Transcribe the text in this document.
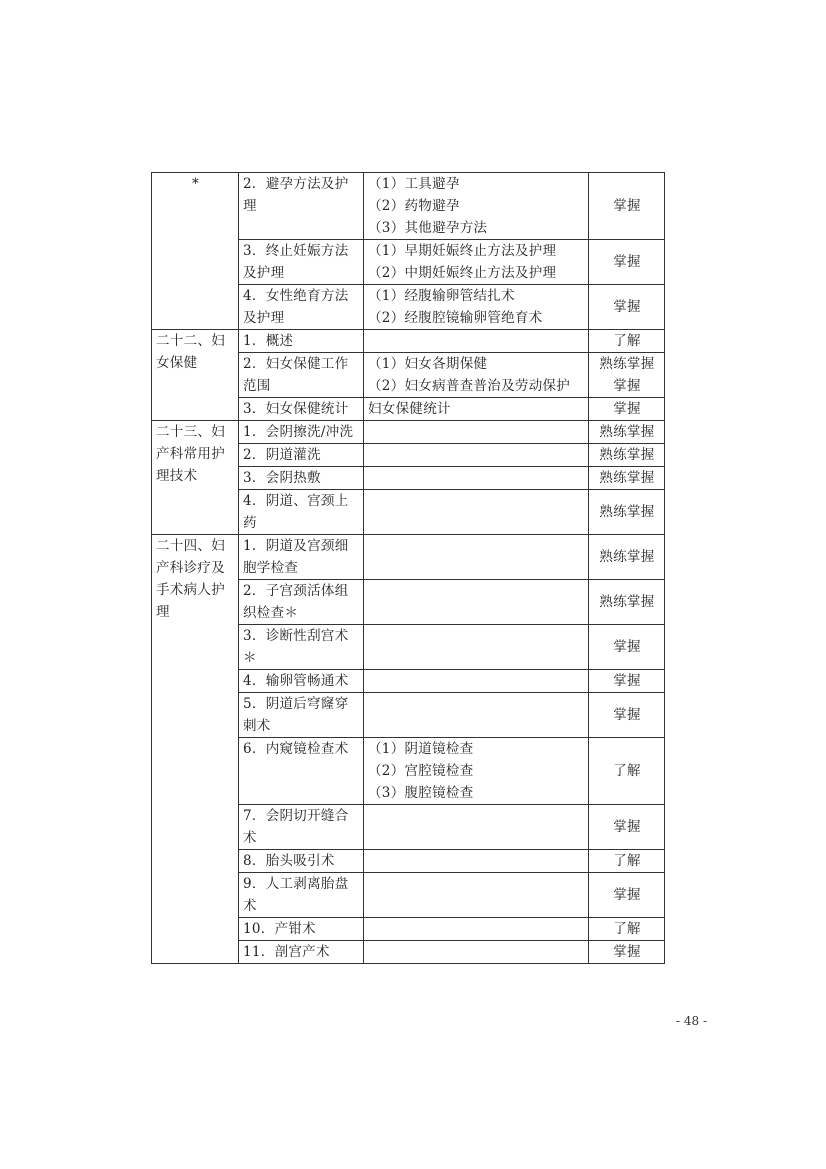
*	2．避孕方法及护理	（1）工具避孕
（2）药物避孕
（3）其他避孕方法	掌握

	3．终止妊娠方法及护理	（1）早期妊娠终止方法及护理
（2）中期妊娠终止方法及护理	掌握

	4．女性绝育方法及护理	（1）经腹输卵管结扎术
（2）经腹腔镜输卵管绝育术	掌握

二十二、妇女保健	1．概述		了解

	2．妇女保健工作范围	（1）妇女各期保健
（2）妇女病普查普治及劳动保护	熟练掌握
掌握

	3．妇女保健统计	妇女保健统计	掌握

二十三、妇产科常用护理技术	1．会阴擦洗/冲洗		熟练掌握

	2．阴道灌洗		熟练掌握

	3．会阴热敷		熟练掌握

	4．阴道、宫颈上药		熟练掌握

二十四、妇产科诊疗及手术病人护理	1．阴道及宫颈细胞学检查		熟练掌握

	2．子宫颈活体组织检查＊		熟练掌握

	3．诊断性刮宫术＊		掌握

	4．输卵管畅通术		掌握

	5．阴道后穹窿穿刺术		掌握

	6．内窥镜检查术	（1）阴道镜检查
（2）宫腔镜检查
（3）腹腔镜检查	了解

	7．会阴切开缝合术		掌握

	8．胎头吸引术		了解

	9．人工剥离胎盘术		掌握

	10．产钳术		了解

	11．剖宫产术		掌握
- 48 -
